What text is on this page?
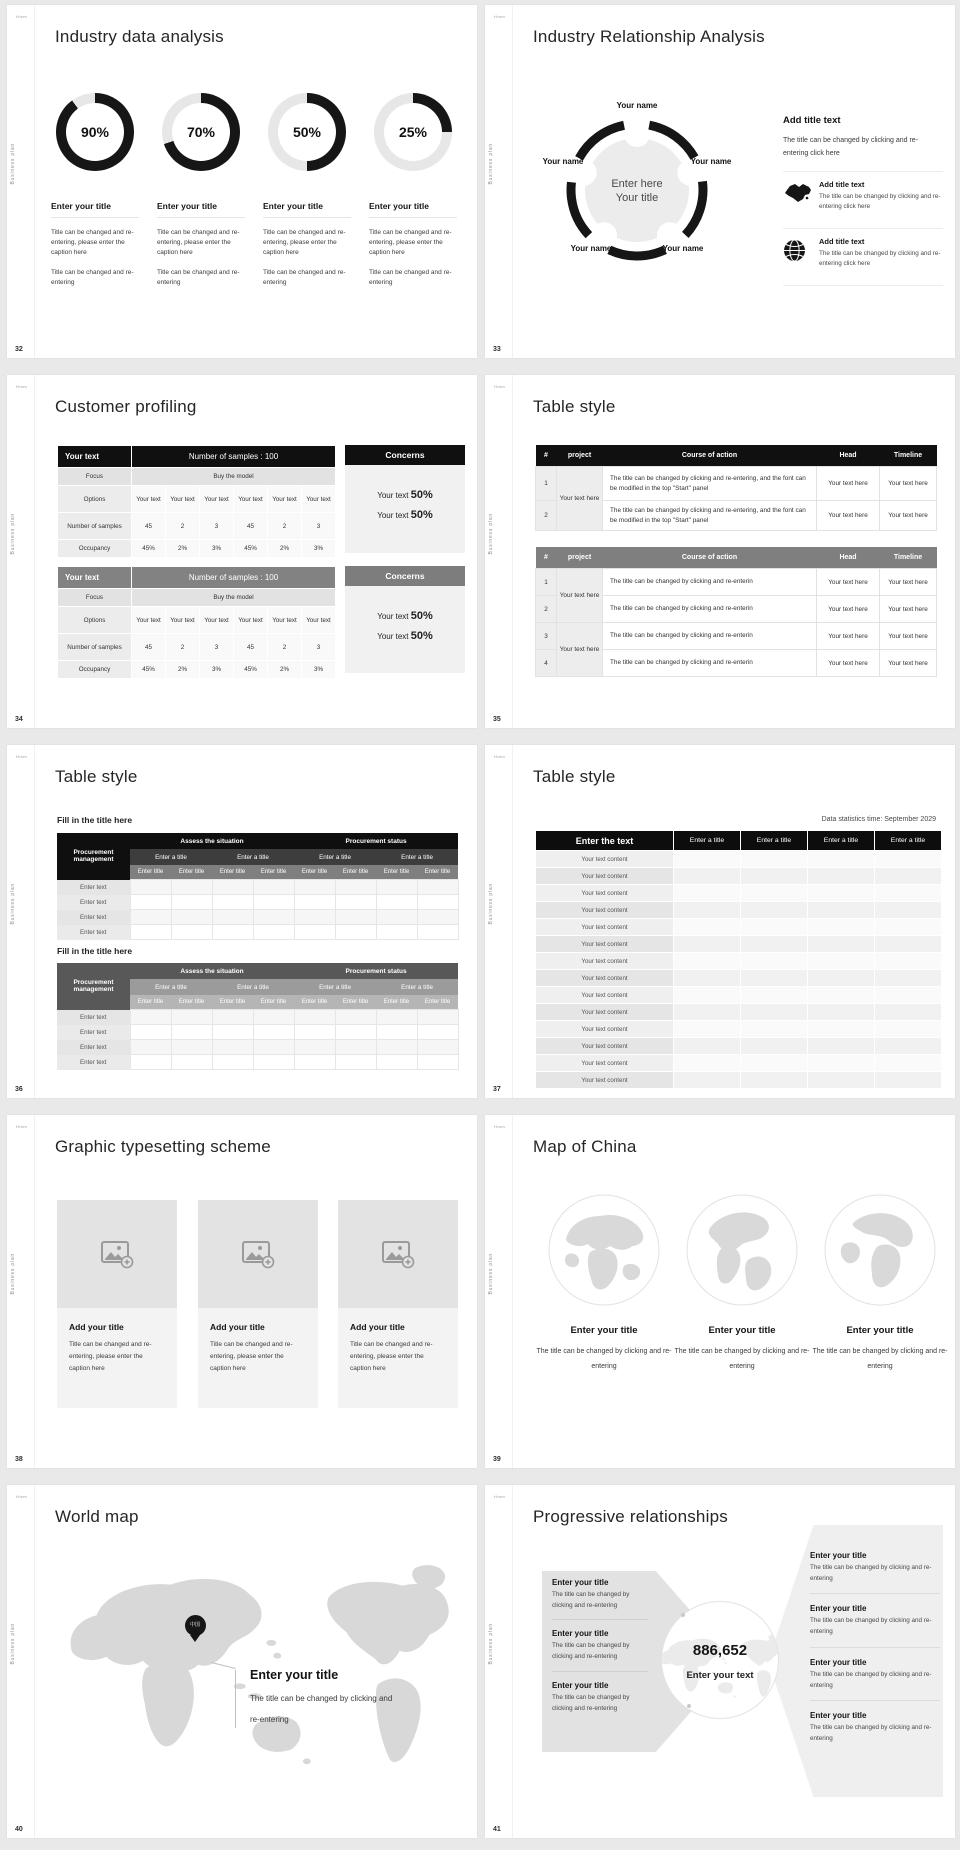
Hmm
Business plan
Industry data analysis
90%
Enter your title

Title can be changed and re-entering, please enter the caption here

Title can be changed and re-entering

70%
Enter your title

Title can be changed and re-entering, please enter the caption here

Title can be changed and re-entering

50%
Enter your title

Title can be changed and re-entering, please enter the caption here

Title can be changed and re-entering

25%
Enter your title

Title can be changed and re-entering, please enter the caption here

Title can be changed and re-entering

32
Hmm
Business plan
Industry Relationship Analysis
Your name
Your name	Your name
Your name	Your name
Enter here
Your title
Add title text

The title can be changed by clicking and re-entering click here

Add title text

The title can be changed by clicking and re-entering click here

Add title text

The title can be changed by clicking and re-entering click here

33
Hmm
Business plan
Customer profiling
Your text	Number of samples : 100					
Focus	Buy the model					
Options	Your text	Your text	Your text	Your text	Your text	Your text
Number of samples	45	2	3	45	2	3
Occupancy	45%	2%	3%	45%	2%	3%
Concerns
Your text 50%
Your text 50%
Your text	Number of samples : 100					
Focus	Buy the model					
Options	Your text	Your text	Your text	Your text	Your text	Your text
Number of samples	45	2	3	45	2	3
Occupancy	45%	2%	3%	45%	2%	3%
Concerns
Your text 50%
Your text 50%
34
Hmm
Business plan
Table style
#	project	Course of action	Head	Timeline
1	Your text here	The title can be changed by clicking and re-entering, and the font can be modified in the top "Start" panel	Your text here	Your text here
2		The title can be changed by clicking and re-entering, and the font can be modified in the top "Start" panel	Your text here	Your text here
#	project	Course of action	Head	Timeline
1	Your text here	The title can be changed by clicking and re-enterin	Your text here	Your text here
2		The title can be changed by clicking and re-enterin	Your text here	Your text here
3	Your text here	The title can be changed by clicking and re-enterin	Your text here	Your text here
4		The title can be changed by clicking and re-enterin	Your text here	Your text here
35
Hmm
Business plan
Table style

Fill in the title here

Procurement management	Assess the situation				Procurement status			
	Enter a title		Enter a title		Enter a title		Enter a title	
	Enter title	Enter title	Enter title	Enter title	Enter title	Enter title	Enter title	Enter title
Enter text								
Enter text								
Enter text								
Enter text								

Fill in the title here

Procurement management	Assess the situation				Procurement status			
	Enter a title		Enter a title		Enter a title		Enter a title	
	Enter title	Enter title	Enter title	Enter title	Enter title	Enter title	Enter title	Enter title
Enter text								
Enter text								
Enter text								
Enter text								
36
Hmm
Business plan
Table style
Data statistics time: September 2029
Enter the text	Enter a title	Enter a title	Enter a title	Enter a title
Your text content				
Your text content				
Your text content				
Your text content				
Your text content				
Your text content				
Your text content				
Your text content				
Your text content				
Your text content				
Your text content				
Your text content				
Your text content				
Your text content				
37
Hmm
Business plan
Graphic typesetting scheme
Add your title

Title can be changed and re-entering, please enter the caption here

Add your title

Title can be changed and re-entering, please enter the caption here

Add your title

Title can be changed and re-entering, please enter the caption here

38
Hmm
Business plan
Map of China
Enter your title

The title can be changed by clicking and re-entering

Enter your title

The title can be changed by clicking and re-entering

Enter your title

The title can be changed by clicking and re-entering

39
Hmm
Business plan
World map
中国
Enter your title

The title can be changed by clicking and re-entering

40
Hmm
Business plan
Progressive relationships
Enter your title

The title can be changed by clicking and re-entering

Enter your title

The title can be changed by clicking and re-entering

Enter your title

The title can be changed by clicking and re-entering

886,652
Enter your text
Enter your title

The title can be changed by clicking and re-entering

Enter your title

The title can be changed by clicking and re-entering

Enter your title

The title can be changed by clicking and re-entering

Enter your title

The title can be changed by clicking and re-entering

41
